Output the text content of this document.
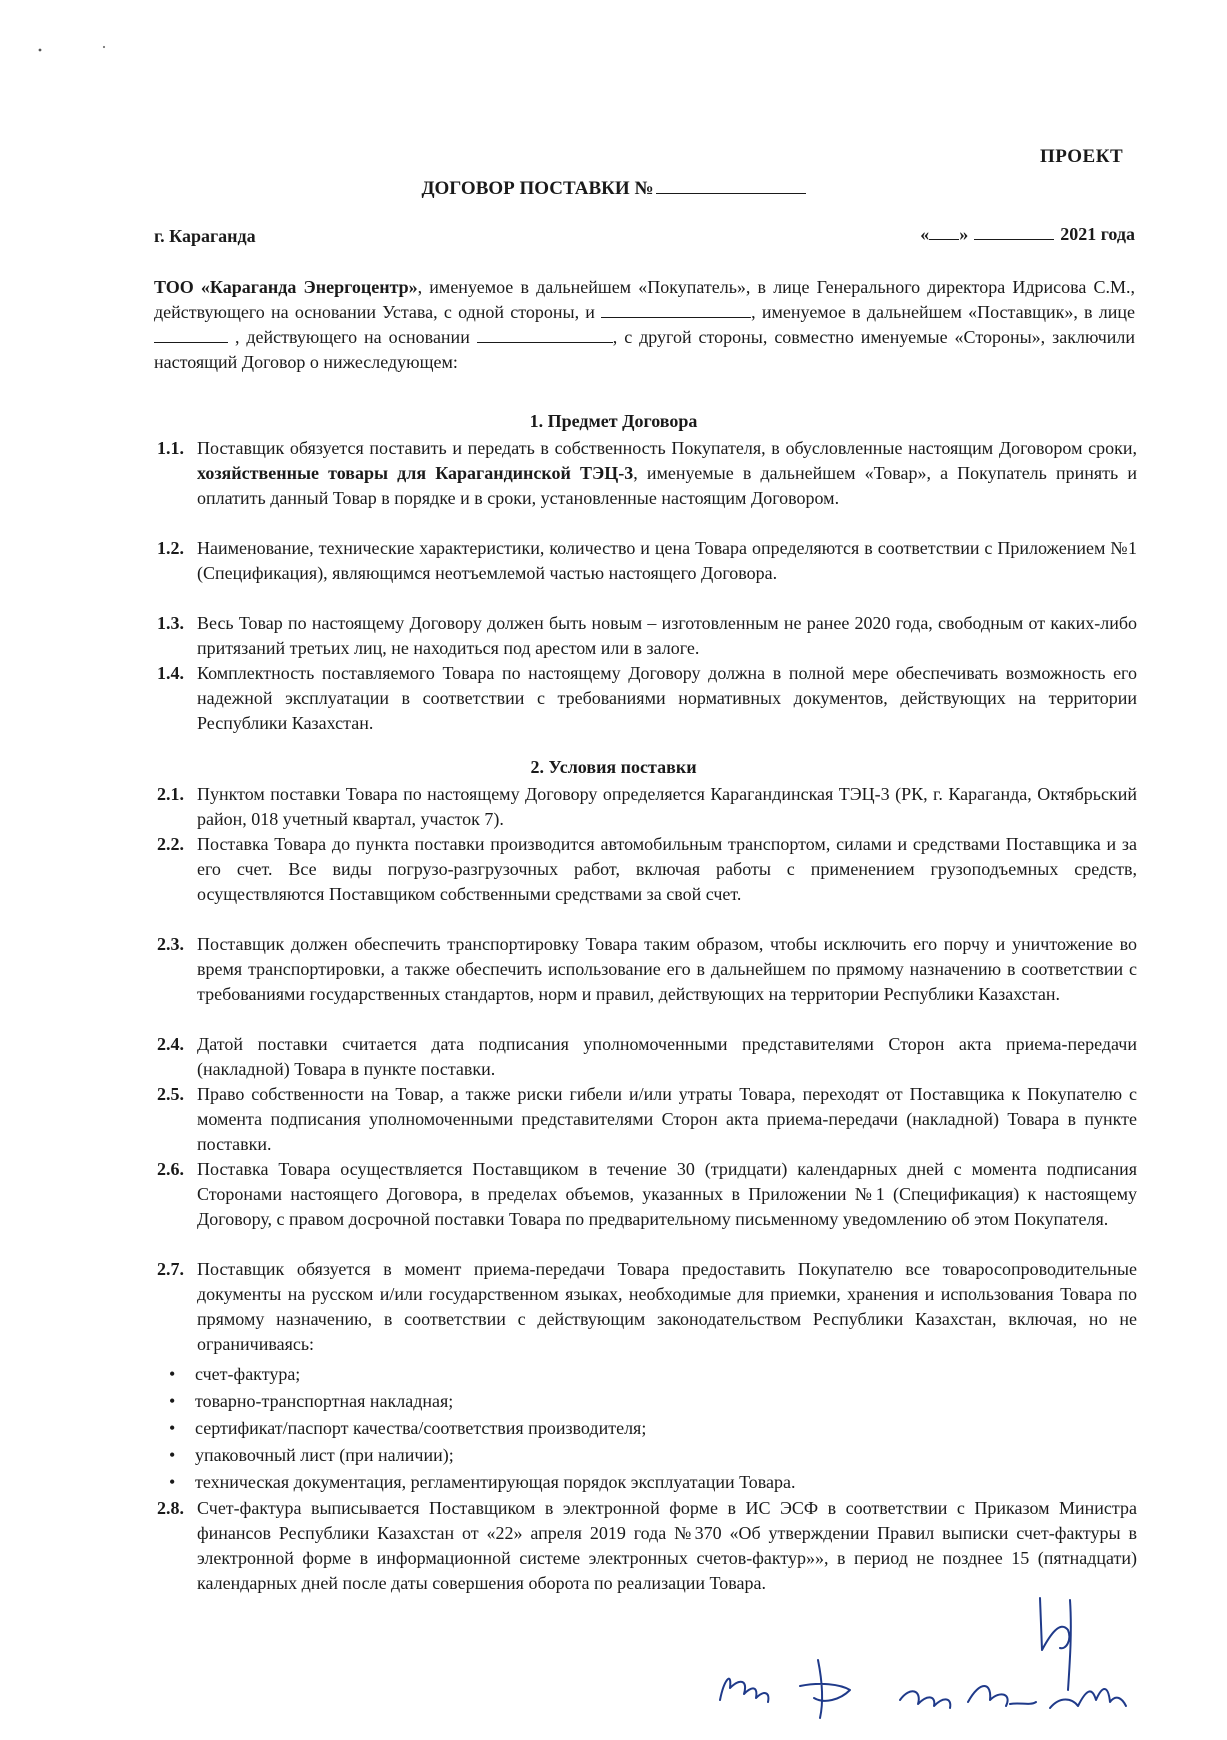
ПРОЕКТ
ДОГОВОР ПОСТАВКИ №
г. Караганда	« »	2021 года
ТОО «Караганда Энергоцентр», именуемое в дальнейшем «Покупатель», в лице Генерального директора Идрисова С.М., действующего на основании Устава, с одной стороны, и	, именуемое в дальнейшем «Поставщик», в лице  , действующего на основании	, с другой стороны, совместно именуемые «Стороны», заключили настоящий Договор о нижеследующем:
1. Предмет Договора
1.1. Поставщик обязуется поставить и передать в собственность Покупателя, в обусловленные настоящим Договором сроки, хозяйственные товары для Карагандинской ТЭЦ-3, именуемые в дальнейшем «Товар», а Покупатель принять и оплатить данный Товар в порядке и в сроки, установленные настоящим Договором.
1.2. Наименование, технические характеристики, количество и цена Товара определяются в соответствии с Приложением №1 (Спецификация), являющимся неотъемлемой частью настоящего Договора.
1.3. Весь Товар по настоящему Договору должен быть новым – изготовленным не ранее 2020 года, свободным от каких-либо притязаний третьих лиц, не находиться под арестом или в залоге.
1.4. Комплектность поставляемого Товара по настоящему Договору должна в полной мере обеспечивать возможность его надежной эксплуатации в соответствии с требованиями нормативных документов, действующих на территории Республики Казахстан.
2. Условия поставки
2.1. Пунктом поставки Товара по настоящему Договору определяется Карагандинская ТЭЦ-3 (РК, г. Караганда, Октябрьский район, 018 учетный квартал, участок 7).
2.2. Поставка Товара до пункта поставки производится автомобильным транспортом, силами и средствами Поставщика и за его счет. Все виды погрузо-разгрузочных работ, включая работы с применением грузоподъемных средств, осуществляются Поставщиком собственными средствами за свой счет.
2.3. Поставщик должен обеспечить транспортировку Товара таким образом, чтобы исключить его порчу и уничтожение во время транспортировки, а также обеспечить использование его в дальнейшем по прямому назначению в соответствии с требованиями государственных стандартов, норм и правил, действующих на территории Республики Казахстан.
2.4. Датой поставки считается дата подписания уполномоченными представителями Сторон акта приема-передачи (накладной) Товара в пункте поставки.
2.5. Право собственности на Товар, а также риски гибели и/или утраты Товара, переходят от Поставщика к Покупателю с момента подписания уполномоченными представителями Сторон акта приема-передачи (накладной) Товара в пункте поставки.
2.6. Поставка Товара осуществляется Поставщиком в течение 30 (тридцати) календарных дней с момента подписания Сторонами настоящего Договора, в пределах объемов, указанных в Приложении №1 (Спецификация) к настоящему Договору, с правом досрочной поставки Товара по предварительному письменному уведомлению об этом Покупателя.
2.7. Поставщик обязуется в момент приема-передачи Товара предоставить Покупателю все товаросопроводительные документы на русском и/или государственном языках, необходимые для приемки, хранения и использования Товара по прямому назначению, в соответствии с действующим законодательством Республики Казахстан, включая, но не ограничиваясь:
• счет-фактура;
• товарно-транспортная накладная;
• сертификат/паспорт качества/соответствия производителя;
• упаковочный лист (при наличии);
• техническая документация, регламентирующая порядок эксплуатации Товара.
2.8. Счет-фактура выписывается Поставщиком в электронной форме в ИС ЭСФ в соответствии с Приказом Министра финансов Республики Казахстан от «22» апреля 2019 года №370 «Об утверждении Правил выписки счет-фактуры в электронной форме в информационной системе электронных счетов-фактур»», в период не позднее 15 (пятнадцати) календарных дней после даты совершения оборота по реализации Товара.
